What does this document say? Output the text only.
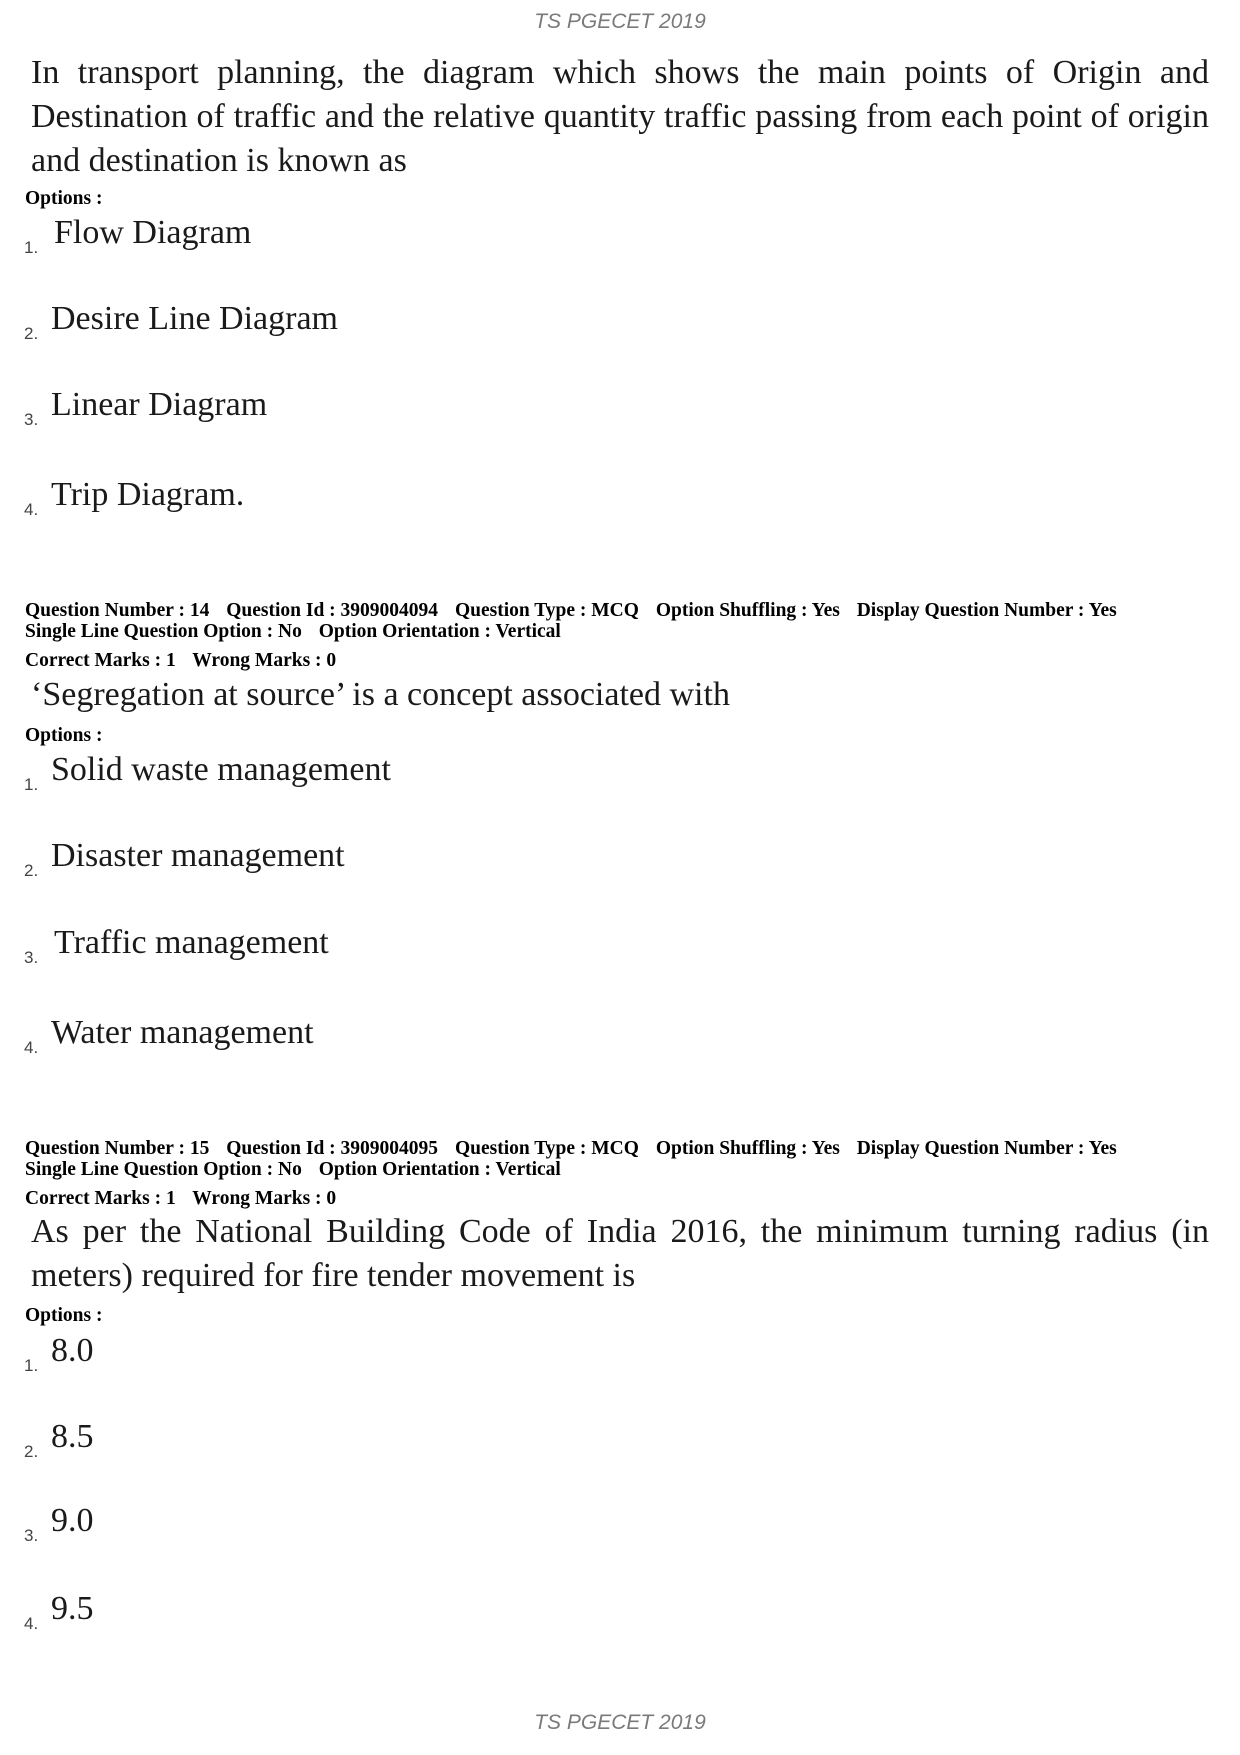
TS PGECET 2019
In transport planning, the diagram which shows the main points of Origin and Destination of traffic and the relative quantity traffic passing from each point of origin and destination is known as
Options :
1. Flow Diagram
2. Desire Line Diagram
3. Linear Diagram
4. Trip Diagram.
Question Number : 14 Question Id : 3909004094 Question Type : MCQ Option Shuffling : Yes Display Question Number : Yes
Single Line Question Option : No Option Orientation : Vertical
Correct Marks : 1 Wrong Marks : 0
‘Segregation at source’ is a concept associated with
Options :
1. Solid waste management
2. Disaster management
3. Traffic management
4. Water management
Question Number : 15 Question Id : 3909004095 Question Type : MCQ Option Shuffling : Yes Display Question Number : Yes
Single Line Question Option : No Option Orientation : Vertical
Correct Marks : 1 Wrong Marks : 0
As per the National Building Code of India 2016, the minimum turning radius (in meters) required for fire tender movement is
Options :
1. 8.0
2. 8.5
3. 9.0
4. 9.5
TS PGECET 2019
